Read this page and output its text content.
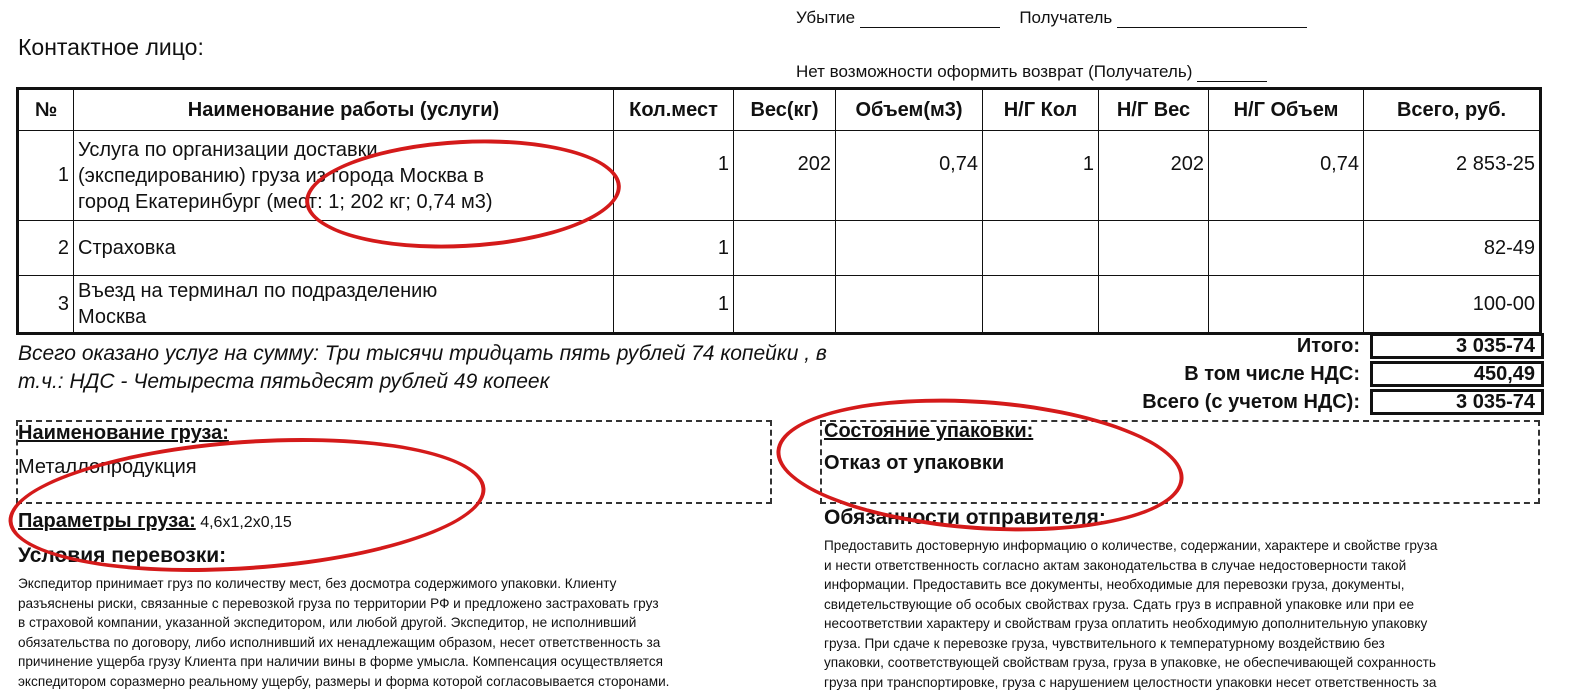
Контактное лицо:
Убытие	Получатель
Нет возможности оформить возврат (Получатель)
№	Наименование работы (услуги)	Кол.мест	Вес(кг)	Объем(м3)	Н/Г Кол	Н/Г Вес	Н/Г Объем	Всего, руб.
1	Услуга по организации доставки
(экспедированию) груза из города Москва в
город Екатеринбург (мест: 1; 202 кг; 0,74 м3)	1	202	0,74	1	202	0,74	2 853-25
2	Страховка	1						82-49
3	Въезд на терминал по подразделению
Москва	1						100-00
Всего оказано услуг на сумму: Три тысячи тридцать пять рублей 74 копейки , в
т.ч.: НДС - Четыреста пятьдесят рублей 49 копеек
Итого:	3 035-74
В том числе НДС:	450,49
Всего (с учетом НДС):	3 035-74
Наименование груза:
Металлопродукция
Параметры груза: 4,6х1,2х0,15
Состояние упаковки:
Отказ от упаковки
Условия перевозки:
Экспедитор принимает груз по количеству мест, без досмотра содержимого упаковки. Клиенту
разъяснены риски, связанные с перевозкой груза по территории РФ и предложено застраховать груз
в страховой компании, указанной экспедитором, или любой другой. Экспедитор, не исполнивший
обязательства по договору, либо исполнивший их ненадлежащим образом, несет ответственность за
причинение ущерба грузу Клиента при наличии вины в форме умысла. Компенсация осуществляется
экспедитором соразмерно реальному ущербу, размеры и форма которой согласовывается сторонами.
Обязанности отправителя:
Предоставить достоверную информацию о количестве, содержании, характере и свойстве груза
и нести ответственность согласно актам законодательства в случае недостоверности такой
информации. Предоставить все документы, необходимые для перевозки груза, документы,
свидетельствующие об особых свойствах груза. Сдать груз в исправной упаковке или при ее
несоответствии характеру и свойствам груза оплатить необходимую дополнительную упаковку
груза. При сдаче к перевозке груза, чувствительного к температурному воздействию без
упаковки, соответствующей свойствам груза, груза в упаковке, не обеспечивающей сохранность
груза при транспортировке, груза с нарушением целостности упаковки несет ответственность за
